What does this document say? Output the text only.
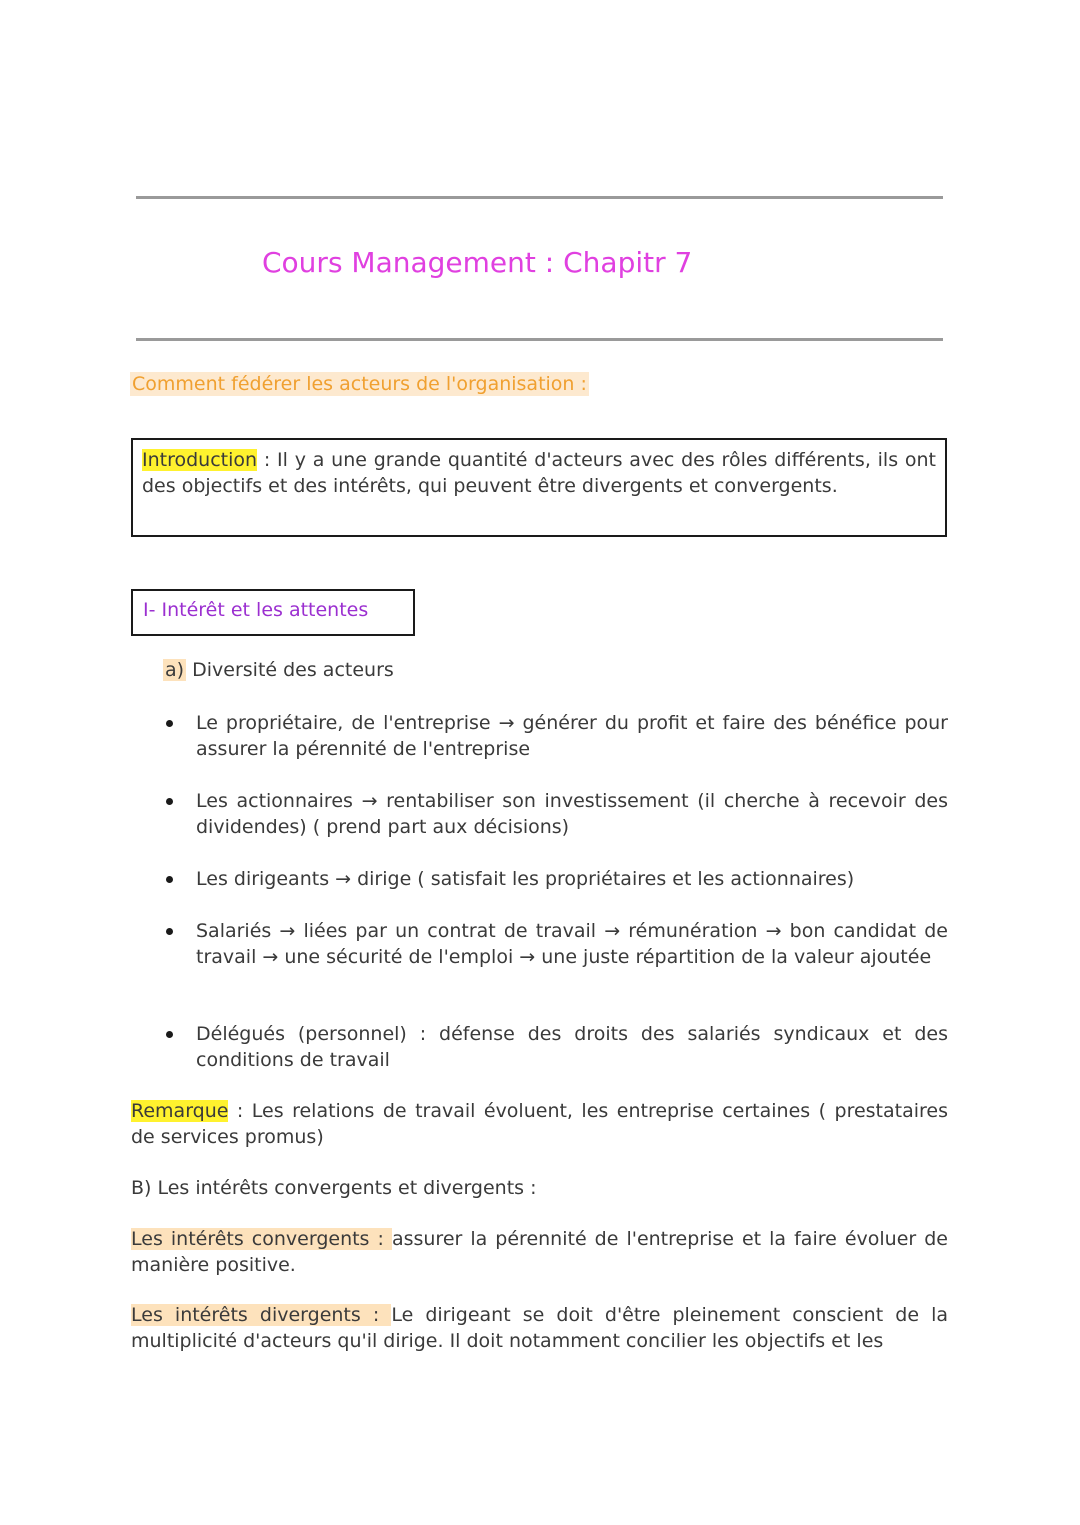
Cours Management : Chapitr 7
Comment fédérer les acteurs de l'organisation :
Introduction : Il y a une grande quantité d'acteurs avec des rôles différents, ils ont des objectifs et des intérêts, qui peuvent être divergents et convergents.
I- Intérêt et les attentes
a) Diversité des acteurs
Le propriétaire, de l'entreprise → générer du profit et faire des bénéfice pour assurer la pérennité de l'entreprise
Les actionnaires → rentabiliser son investissement (il cherche à recevoir des dividendes) ( prend part aux décisions)
Les dirigeants → dirige ( satisfait les propriétaires et les actionnaires)
Salariés → liées par un contrat de travail → rémunération → bon candidat de travail → une sécurité de l'emploi → une juste répartition de la valeur ajoutée
Délégués (personnel) : défense des droits des salariés syndicaux et des conditions de travail
Remarque : Les relations de travail évoluent, les entreprise certaines ( prestataires de services promus)
B) Les intérêts convergents et divergents :
Les intérêts convergents : assurer la pérennité de l'entreprise et la faire évoluer de manière positive.
Les intérêts divergents : Le dirigeant se doit d'être pleinement conscient de la multiplicité d'acteurs qu'il dirige. Il doit notamment concilier les objectifs et les
